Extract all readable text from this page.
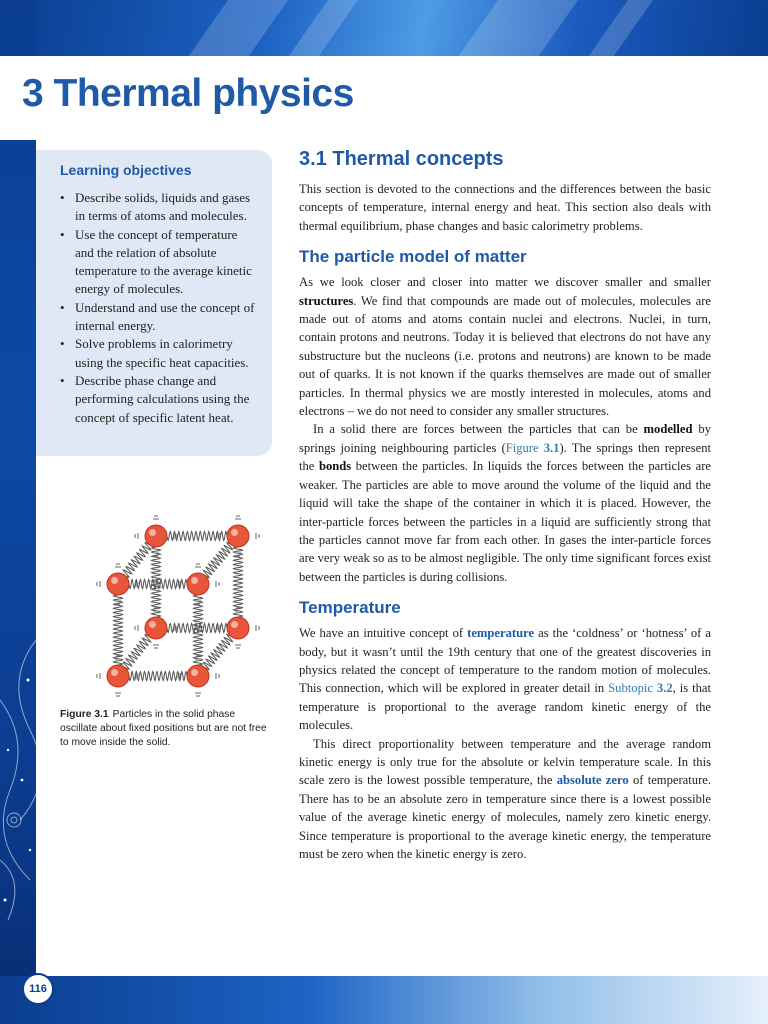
3 Thermal physics
Learning objectives
• Describe solids, liquids and gases in terms of atoms and molecules.
• Use the concept of temperature and the relation of absolute temperature to the average kinetic energy of molecules.
• Understand and use the concept of internal energy.
• Solve problems in calorimetry using the specific heat capacities.
• Describe phase change and performing calculations using the concept of specific latent heat.
Figure 3.1 Particles in the solid phase oscillate about fixed positions but are not free to move inside the solid.
3.1 Thermal concepts

This section is devoted to the connections and the differences between the basic concepts of temperature, internal energy and heat. This section also deals with thermal equilibrium, phase changes and basic calorimetry problems.

The particle model of matter

As we look closer and closer into matter we discover smaller and smaller structures. We find that compounds are made out of molecules, molecules are made out of atoms and atoms contain nuclei and electrons. Nuclei, in turn, contain protons and neutrons. Today it is believed that electrons do not have any substructure but the nucleons (i.e. protons and neutrons) are known to be made out of quarks. It is not known if the quarks themselves are made out of smaller particles. In thermal physics we are mostly interested in molecules, atoms and electrons – we do not need to consider any smaller structures.

In a solid there are forces between the particles that can be modelled by springs joining neighbouring particles (Figure 3.1). The springs then represent the bonds between the particles. In liquids the forces between the particles are weaker. The particles are able to move around the volume of the liquid and the liquid will take the shape of the container in which it is placed. However, the inter-particle forces between the particles in a liquid are sufficiently strong that the particles cannot move far from each other. In gases the inter-particle forces are very weak so as to be almost negligible. The only time significant forces exist between the particles is during collisions.

Temperature

We have an intuitive concept of temperature as the ‘coldness’ or ‘hotness’ of a body, but it wasn’t until the 19th century that one of the greatest discoveries in physics related the concept of temperature to the random motion of molecules. This connection, which will be explored in greater detail in Subtopic 3.2, is that temperature is proportional to the average random kinetic energy of the molecules.

This direct proportionality between temperature and the average random kinetic energy is only true for the absolute or kelvin temperature scale. In this scale zero is the lowest possible temperature, the absolute zero of temperature. There has to be an absolute zero in temperature since there is a lowest possible value of the average kinetic energy of molecules, namely zero kinetic energy. Since temperature is proportional to the average kinetic energy, the temperature must be zero when the kinetic energy is zero.

116
